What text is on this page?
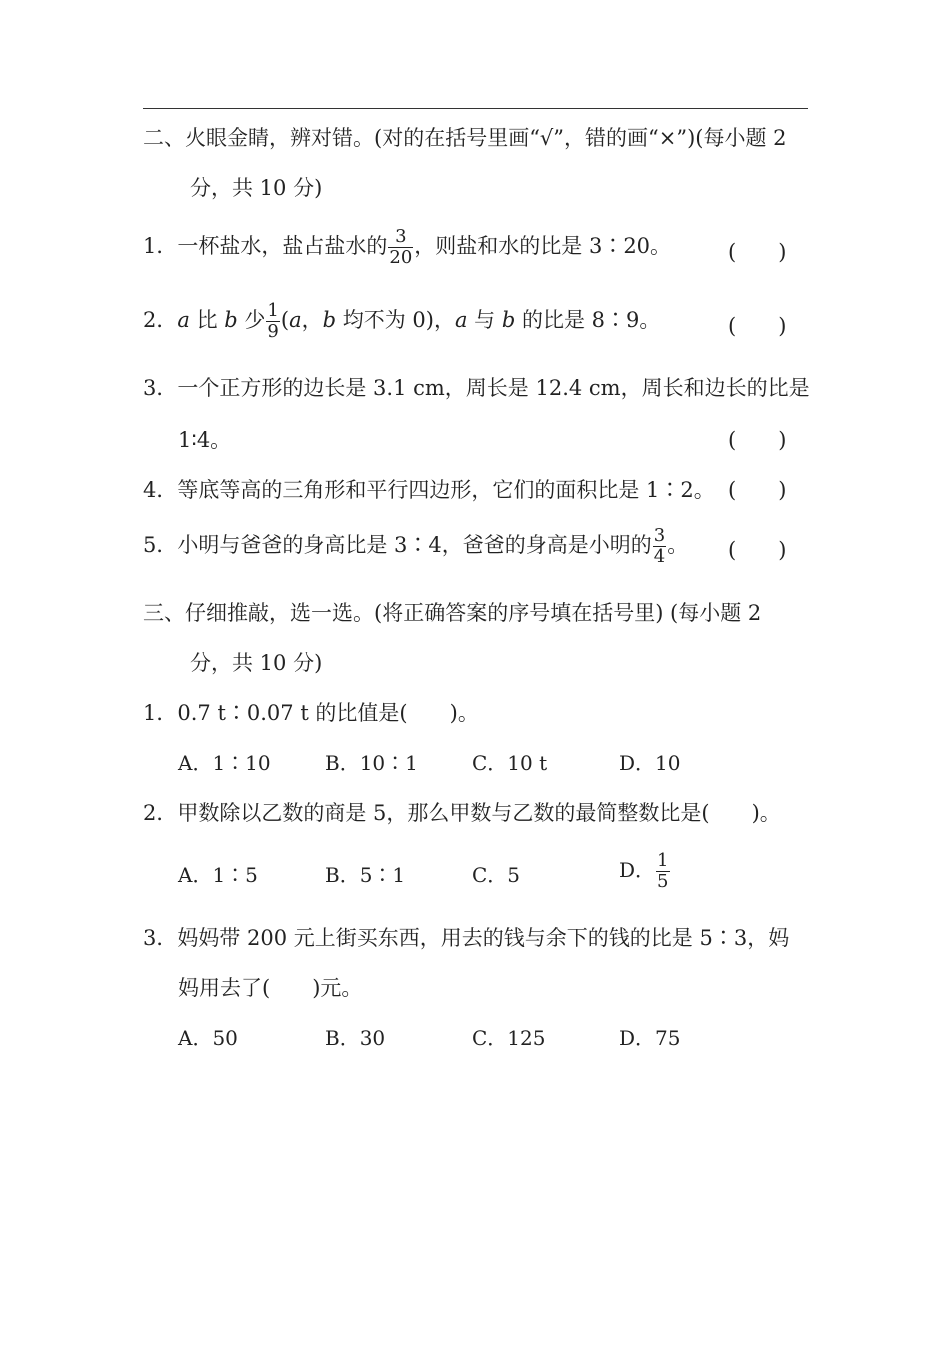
二、火眼金睛，辨对错。(对的在括号里画“√”，错的画“×”)(每小题 2
分，共 10 分)
1．一杯盐水，盐占盐水的 $\frac{3}{20}$ ，则盐和水的比是 3∶20。	(　　)
2．a 比 b 少 $\frac{1}{9} (a$，b 均不为 0)，a 与 b 的比是 8∶9。	(　　)
3．一个正方形的边长是 3.1 cm，周长是 12.4 cm，周长和边长的比是
1∶4。	(　　)
4．等底等高的三角形和平行四边形，它们的面积比是 1∶2。 (　　)
5．小明与爸爸的身高比是 3∶4，爸爸的身高是小明的 $\frac{3}{4}$ 。 (　　)
三、仔细推敲，选一选。(将正确答案的序号填在括号里) (每小题 2
分，共 10 分)
1．0.7 t∶0.07 t 的比值是(　　)。
A．1∶10	B．10∶1	C．10 t	D．10
2．甲数除以乙数的商是 5，那么甲数与乙数的最简整数比是(　　)。
A．1∶5	B．5∶1	C．5	D． $\frac{1}{5}$
3．妈妈带 200 元上街买东西，用去的钱与余下的钱的比是 5∶3，妈
妈用去了(　　)元。
A．50	B．30	C．125	D．75
